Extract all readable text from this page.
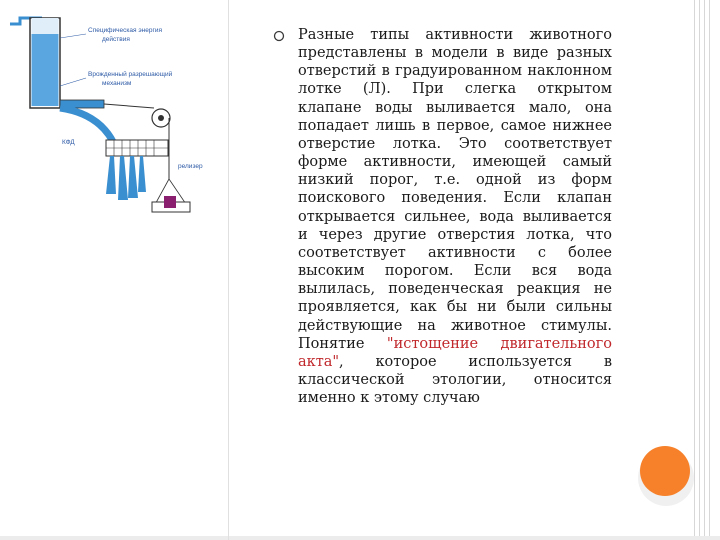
Специфическая энергия
действия
Врожденный разрешающий
механизм
КФД
релизер

Разные типы активности животного представлены в модели в виде разных отверстий в градуированном наклонном лотке (Л). При слегка открытом клапане воды выливается мало, она попадает лишь в первое, самое нижнее отверстие лотка. Это соответствует форме активности, имеющей самый низкий порог, т.е. одной из форм поискового поведения. Если клапан открывается сильнее, вода выливается и через другие отверстия лотка, что соответствует активности с более высоким порогом. Если вся вода вылилась, поведенческая реакция не проявляется, как бы ни были сильны действующие на животное стимулы. Понятие "истощение двигательного акта", которое используется в классической этологии, относится именно к этому случаю
